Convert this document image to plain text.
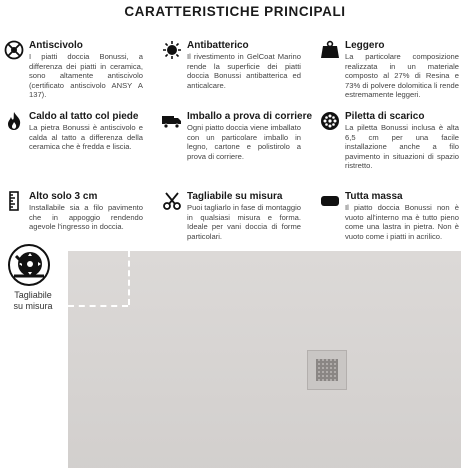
CARATTERISTICHE PRINCIPALI
Antiscivolo
I piatti doccia Bonussi, a differenza dei piatti in ceramica, sono altamente antiscivolo (certificato antiscivolo ANSY A 137).
Antibatterico
Il rivestimento in GelCoat Marino rende la superficie dei piatti doccia Bonussi antibatterica ed anticalcare.
Leggero
La particolare composizione realizzata in un materiale composto al 27% di Resina e 73% di polvere dolomitica li rende estremamente leggeri.
Caldo al tatto col piede
La pietra Bonussi è antiscivolo e calda al tatto a differenza della ceramica che è fredda e liscia.
Imballo a prova di corriere
Ogni piatto doccia viene imballato con un particolare imballo in legno, cartone e polistirolo a prova di corriere.
Piletta di scarico
La piletta Bonussi inclusa è alta 6,5 cm per una facile installazione anche a filo pavimento in situazioni di spazio ristretto.
Alto solo 3 cm
Installabile sia a filo pavimento che in appoggio rendendo agevole l'ingresso in doccia.
Tagliabile su misura
Puoi tagliarlo in fase di montaggio in qualsiasi misura e forma. Ideale per vani doccia di forme particolari.
Tutta massa
Il piatto doccia Bonussi non è vuoto all'interno ma è tutto pieno come una lastra in pietra. Non è vuoto come i piatti in acrilico.
Tagliabile
su misura
